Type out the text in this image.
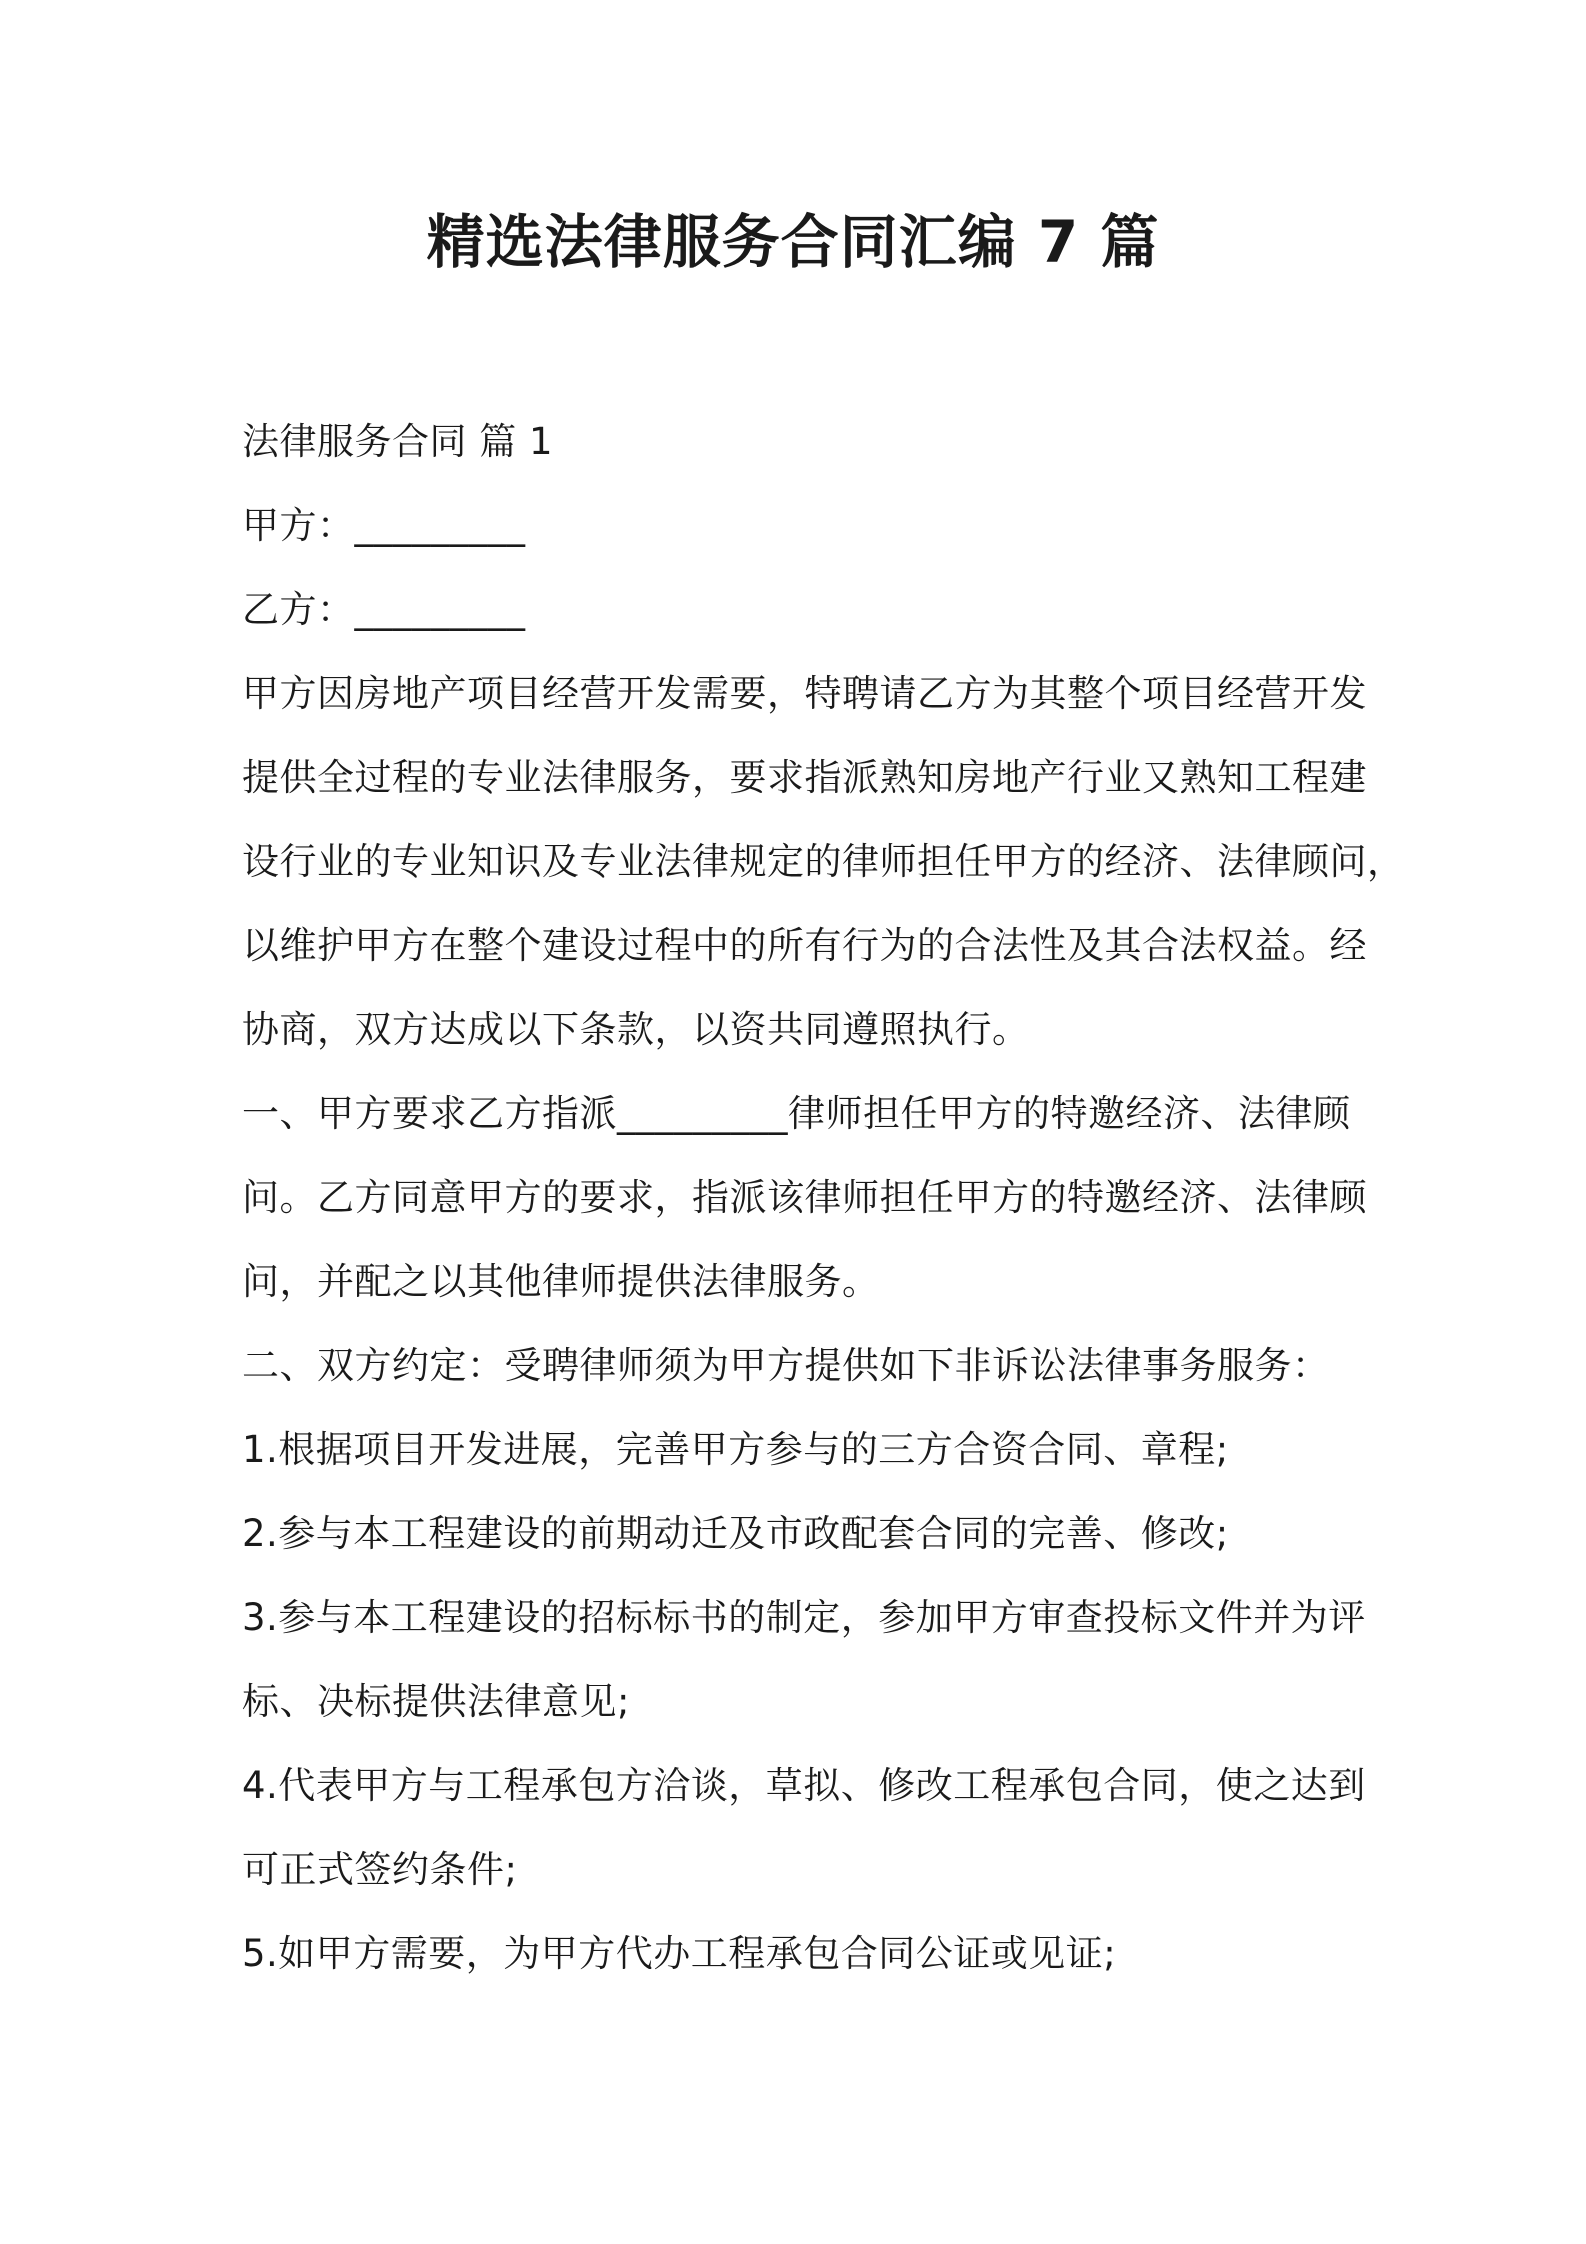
精选法律服务合同汇编 7 篇
法律服务合同 篇 1
甲方：_________
乙方：_________
甲方因房地产项目经营开发需要，特聘请乙方为其整个项目经营开发
提供全过程的专业法律服务，要求指派熟知房地产行业又熟知工程建
设行业的专业知识及专业法律规定的律师担任甲方的经济、法律顾问，
以维护甲方在整个建设过程中的所有行为的合法性及其合法权益。经
协商，双方达成以下条款，以资共同遵照执行。
一、甲方要求乙方指派_________律师担任甲方的特邀经济、法律顾
问。乙方同意甲方的要求，指派该律师担任甲方的特邀经济、法律顾
问，并配之以其他律师提供法律服务。
二、双方约定：受聘律师须为甲方提供如下非诉讼法律事务服务：
1.根据项目开发进展，完善甲方参与的三方合资合同、章程;
2.参与本工程建设的前期动迁及市政配套合同的完善、修改;
3.参与本工程建设的招标标书的制定，参加甲方审查投标文件并为评
标、决标提供法律意见;
4.代表甲方与工程承包方洽谈，草拟、修改工程承包合同，使之达到
可正式签约条件;
5.如甲方需要，为甲方代办工程承包合同公证或见证;
